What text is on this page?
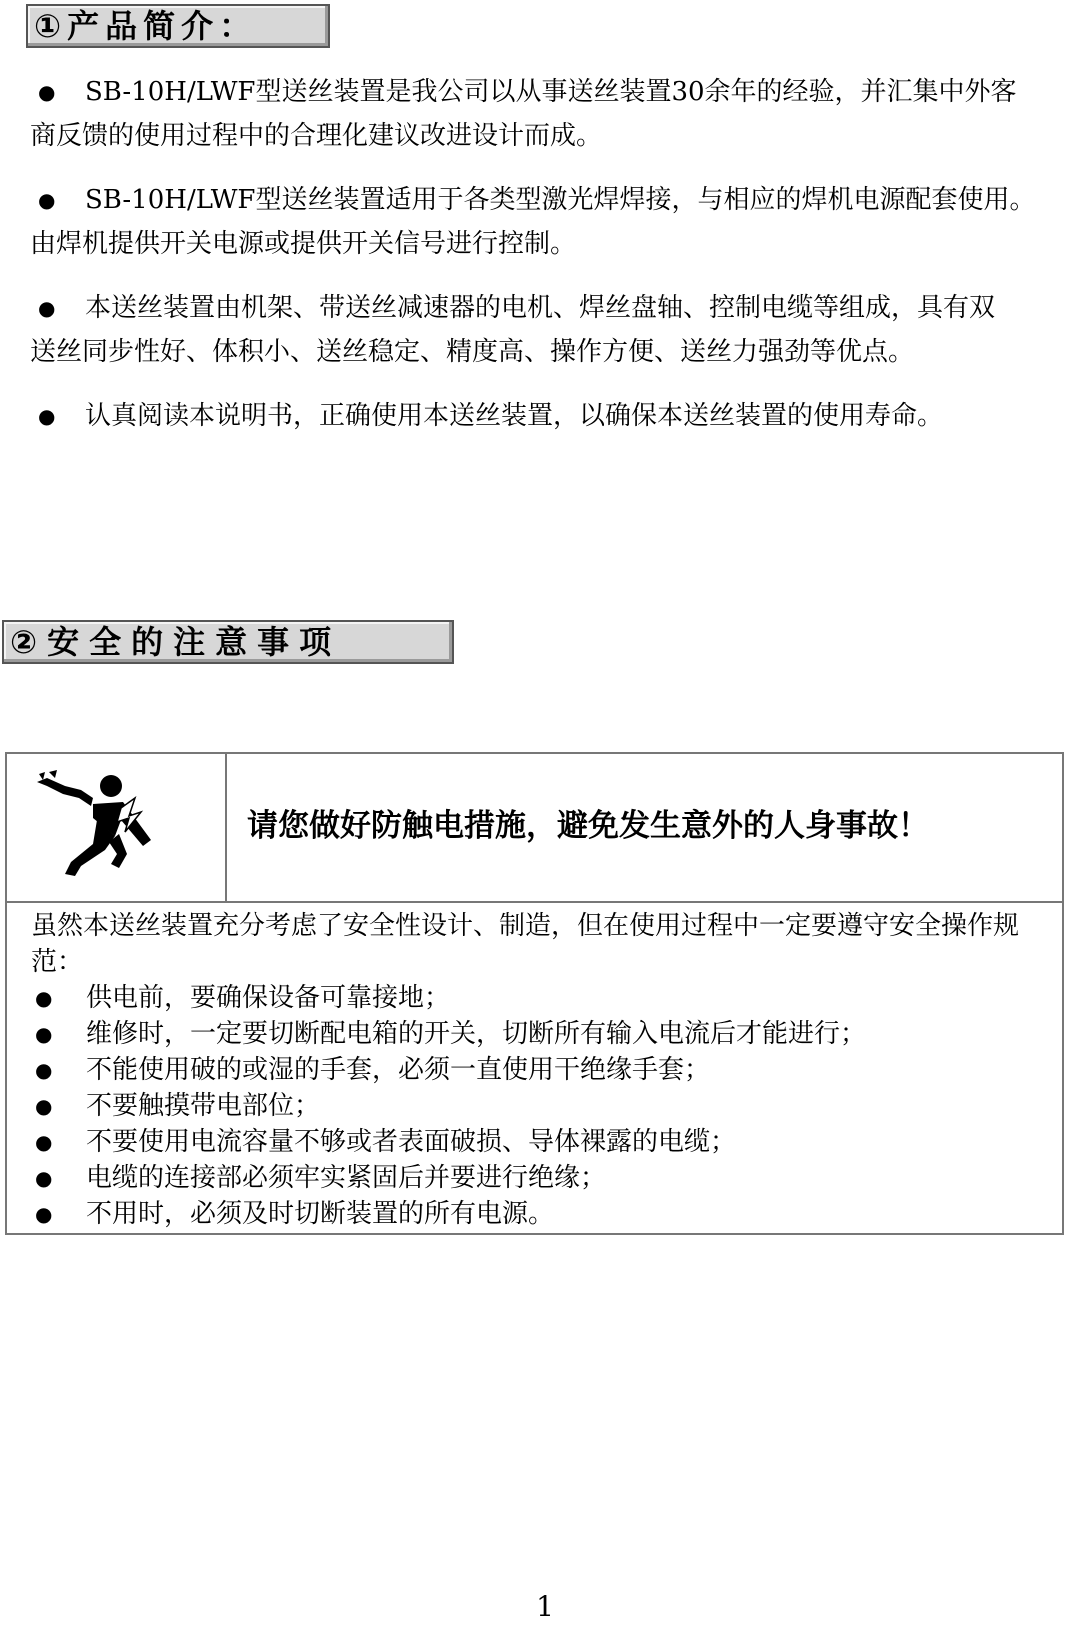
①产品简介：

● SB-10H/LWF型送丝装置是我公司以从事送丝装置30余年的经验，并汇集中外客
商反馈的使用过程中的合理化建议改进设计而成。

● SB-10H/LWF型送丝装置适用于各类型激光焊焊接，与相应的焊机电源配套使用。
由焊机提供开关电源或提供开关信号进行控制。

● 本送丝装置由机架、带送丝减速器的电机、焊丝盘轴、控制电缆等组成，具有双
送丝同步性好、体积小、送丝稳定、精度高、操作方便、送丝力强劲等优点。

● 认真阅读本说明书，正确使用本送丝装置，以确保本送丝装置的使用寿命。

②安全的注意事项
请您做好防触电措施，避免发生意外的人身事故！

虽然本送丝装置充分考虑了安全性设计、制造，但在使用过程中一定要遵守安全操作规范：

● 供电前，要确保设备可靠接地；
● 维修时，一定要切断配电箱的开关，切断所有输入电流后才能进行；
● 不能使用破的或湿的手套，必须一直使用干绝缘手套；
● 不要触摸带电部位；
● 不要使用电流容量不够或者表面破损、导体裸露的电缆；
● 电缆的连接部必须牢实紧固后并要进行绝缘；
● 不用时，必须及时切断装置的所有电源。
1
